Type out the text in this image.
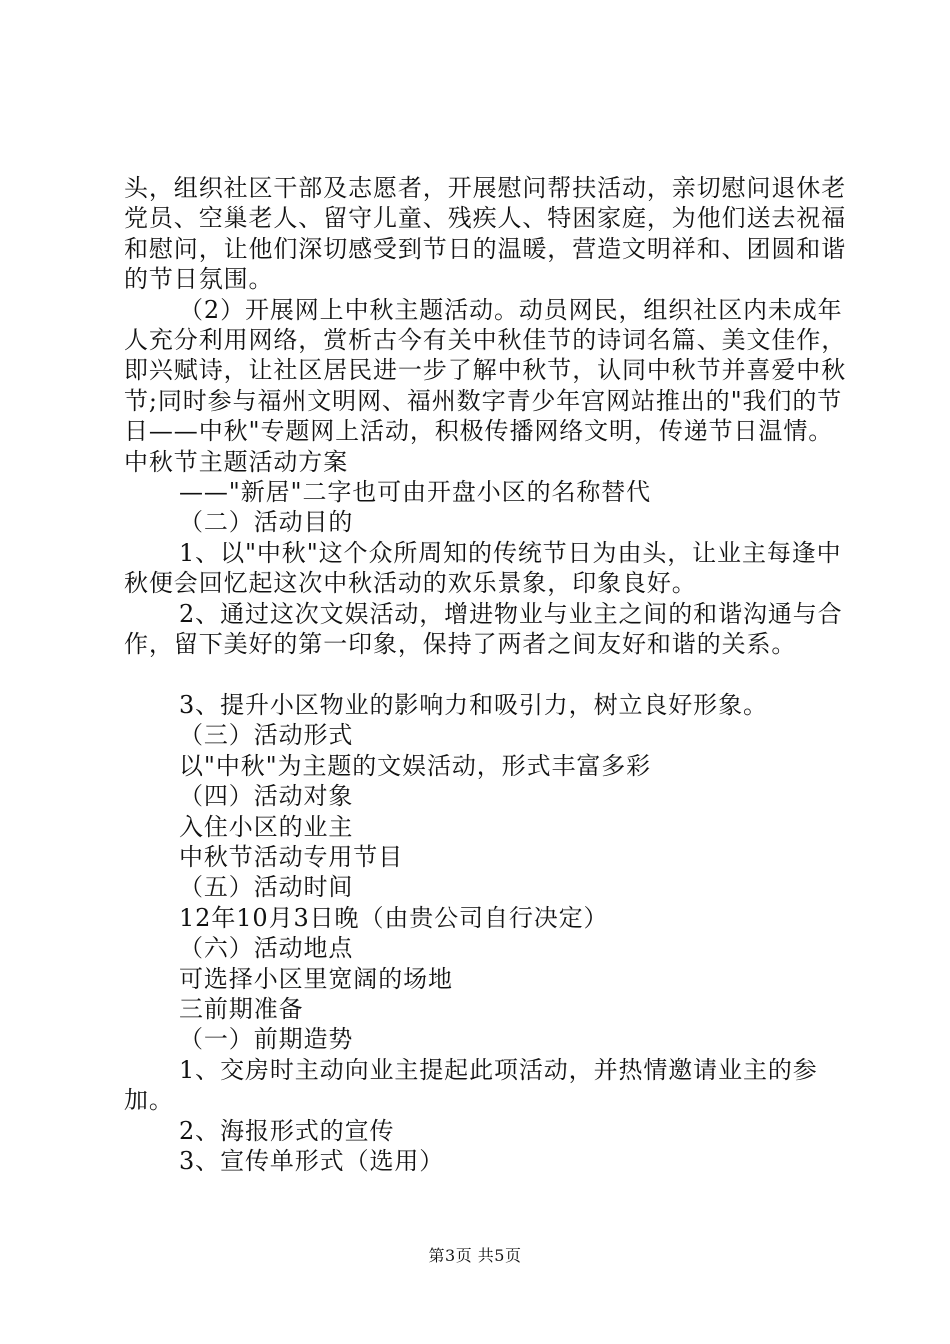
头，组织社区干部及志愿者，开展慰问帮扶活动，亲切慰问退休老党员、空巢老人、留守儿童、残疾人、特困家庭，为他们送去祝福和慰问，让他们深切感受到节日的温暖，营造文明祥和、团圆和谐的节日氛围。

（2）开展网上中秋主题活动。动员网民，组织社区内未成年人充分利用网络，赏析古今有关中秋佳节的诗词名篇、美文佳作，即兴赋诗，让社区居民进一步了解中秋节，认同中秋节并喜爱中秋节;同时参与福州文明网、福州数字青少年宫网站推出的"我们的节日——中秋"专题网上活动，积极传播网络文明，传递节日温情。中秋节主题活动方案

——"新居"二字也可由开盘小区的名称替代

（二）活动目的

1、以"中秋"这个众所周知的传统节日为由头，让业主每逢中秋便会回忆起这次中秋活动的欢乐景象，印象良好。

2、通过这次文娱活动，增进物业与业主之间的和谐沟通与合作，留下美好的第一印象，保持了两者之间友好和谐的关系。

3、提升小区物业的影响力和吸引力，树立良好形象。

（三）活动形式

以"中秋"为主题的文娱活动，形式丰富多彩

（四）活动对象

入住小区的业主

中秋节活动专用节目

（五）活动时间

12年10月3日晚（由贵公司自行决定）

（六）活动地点

可选择小区里宽阔的场地

三前期准备

（一）前期造势

1、交房时主动向业主提起此项活动，并热情邀请业主的参加。

2、海报形式的宣传

3、宣传单形式（选用）

第3页 共5页
